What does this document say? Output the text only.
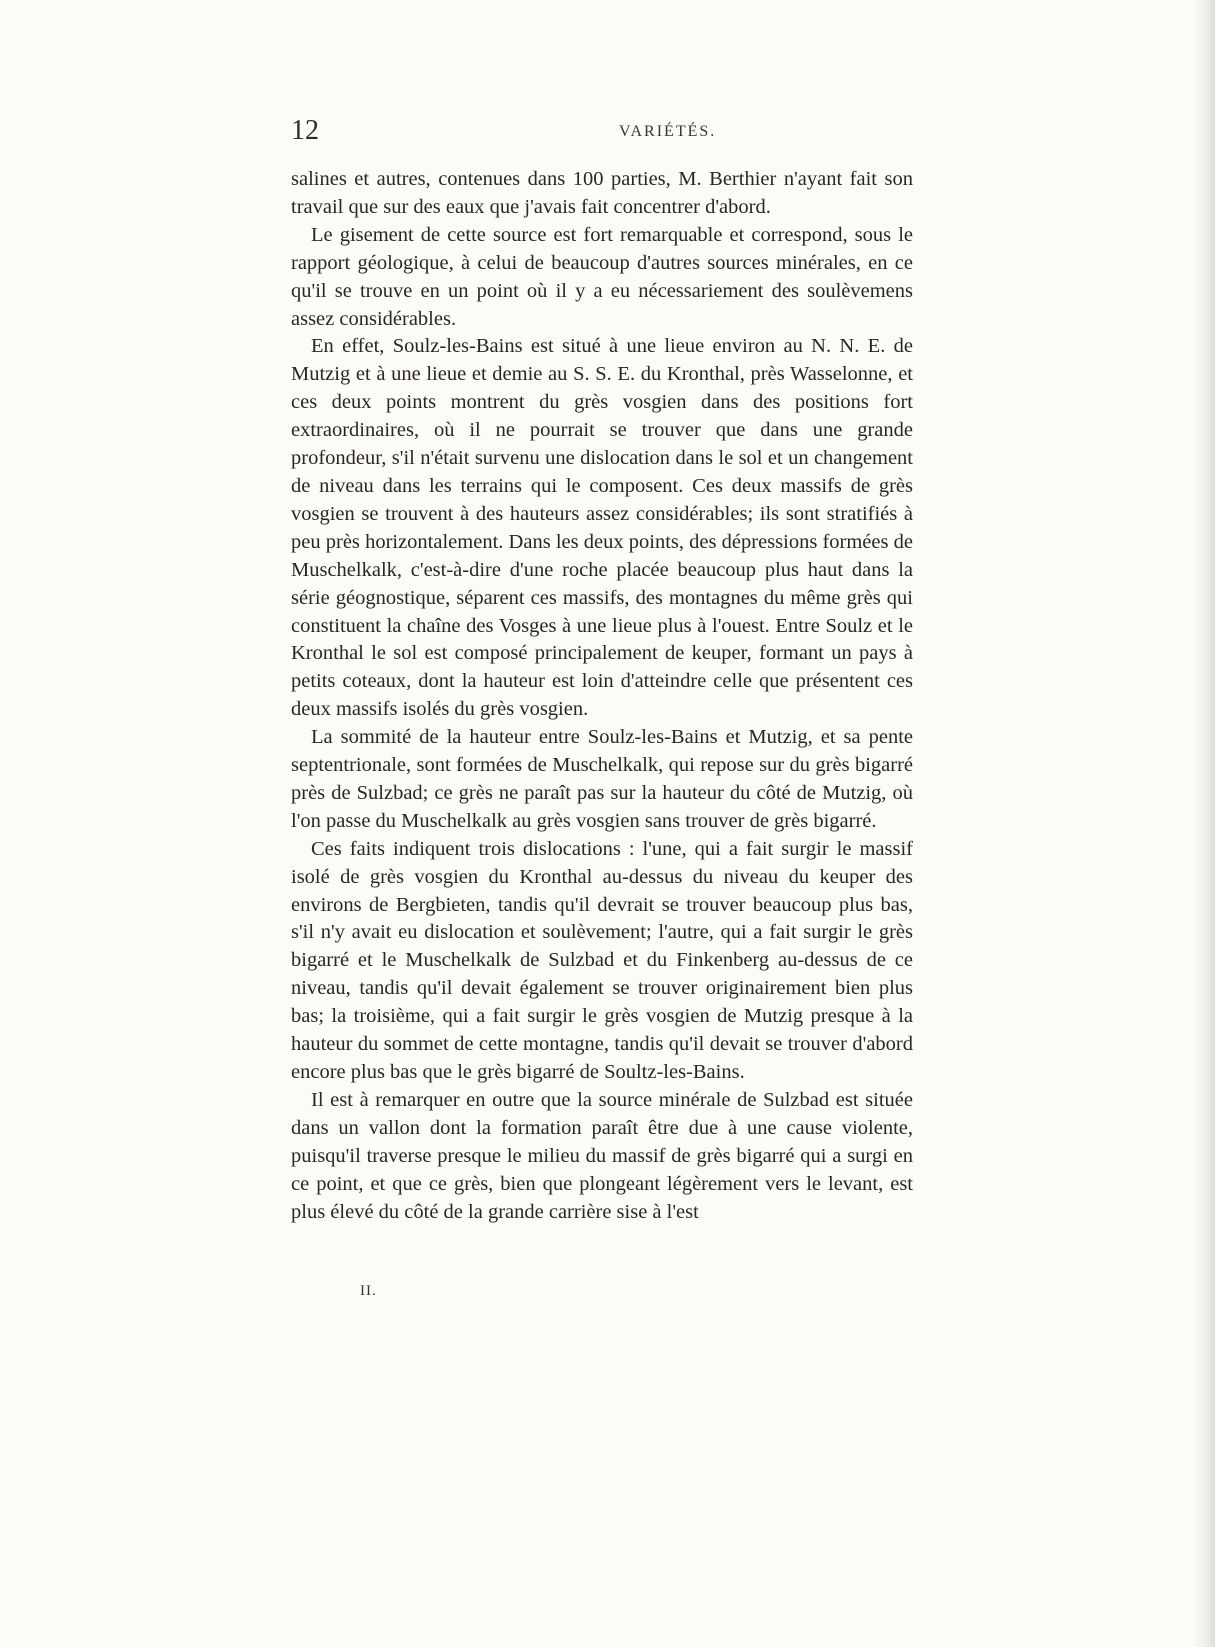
12	VARIÉTÉS.

salines et autres, contenues dans 100 parties, M. Berthier n'ayant fait son travail que sur des eaux que j'avais fait concentrer d'abord.

Le gisement de cette source est fort remarquable et correspond, sous le rapport géologique, à celui de beaucoup d'autres sources minérales, en ce qu'il se trouve en un point où il y a eu nécessariement des soulèvemens assez considérables.

En effet, Soulz-les-Bains est situé à une lieue environ au N. N. E. de Mutzig et à une lieue et demie au S. S. E. du Kronthal, près Wasselonne, et ces deux points montrent du grès vosgien dans des positions fort extraordinaires, où il ne pourrait se trouver que dans une grande profondeur, s'il n'était survenu une dislocation dans le sol et un changement de niveau dans les terrains qui le composent. Ces deux massifs de grès vosgien se trouvent à des hauteurs assez considérables; ils sont stratifiés à peu près horizontalement. Dans les deux points, des dépressions formées de Muschelkalk, c'est-à-dire d'une roche placée beaucoup plus haut dans la série géognostique, séparent ces massifs, des montagnes du même grès qui constituent la chaîne des Vosges à une lieue plus à l'ouest. Entre Soulz et le Kronthal le sol est composé principalement de keuper, formant un pays à petits coteaux, dont la hauteur est loin d'atteindre celle que présentent ces deux massifs isolés du grès vosgien.

La sommité de la hauteur entre Soulz-les-Bains et Mutzig, et sa pente septentrionale, sont formées de Muschelkalk, qui repose sur du grès bigarré près de Sulzbad; ce grès ne paraît pas sur la hauteur du côté de Mutzig, où l'on passe du Muschelkalk au grès vosgien sans trouver de grès bigarré.

Ces faits indiquent trois dislocations : l'une, qui a fait surgir le massif isolé de grès vosgien du Kronthal au-dessus du niveau du keuper des environs de Bergbieten, tandis qu'il devrait se trouver beaucoup plus bas, s'il n'y avait eu dislocation et soulèvement; l'autre, qui a fait surgir le grès bigarré et le Muschelkalk de Sulzbad et du Finkenberg au-dessus de ce niveau, tandis qu'il devait également se trouver originairement bien plus bas; la troisième, qui a fait surgir le grès vosgien de Mutzig presque à la hauteur du sommet de cette montagne, tandis qu'il devait se trouver d'abord encore plus bas que le grès bigarré de Soultz-les-Bains.

Il est à remarquer en outre que la source minérale de Sulzbad est située dans un vallon dont la formation paraît être due à une cause violente, puisqu'il traverse presque le milieu du massif de grès bigarré qui a surgi en ce point, et que ce grès, bien que plongeant légèrement vers le levant, est plus élevé du côté de la grande carrière sise à l'est

II.
